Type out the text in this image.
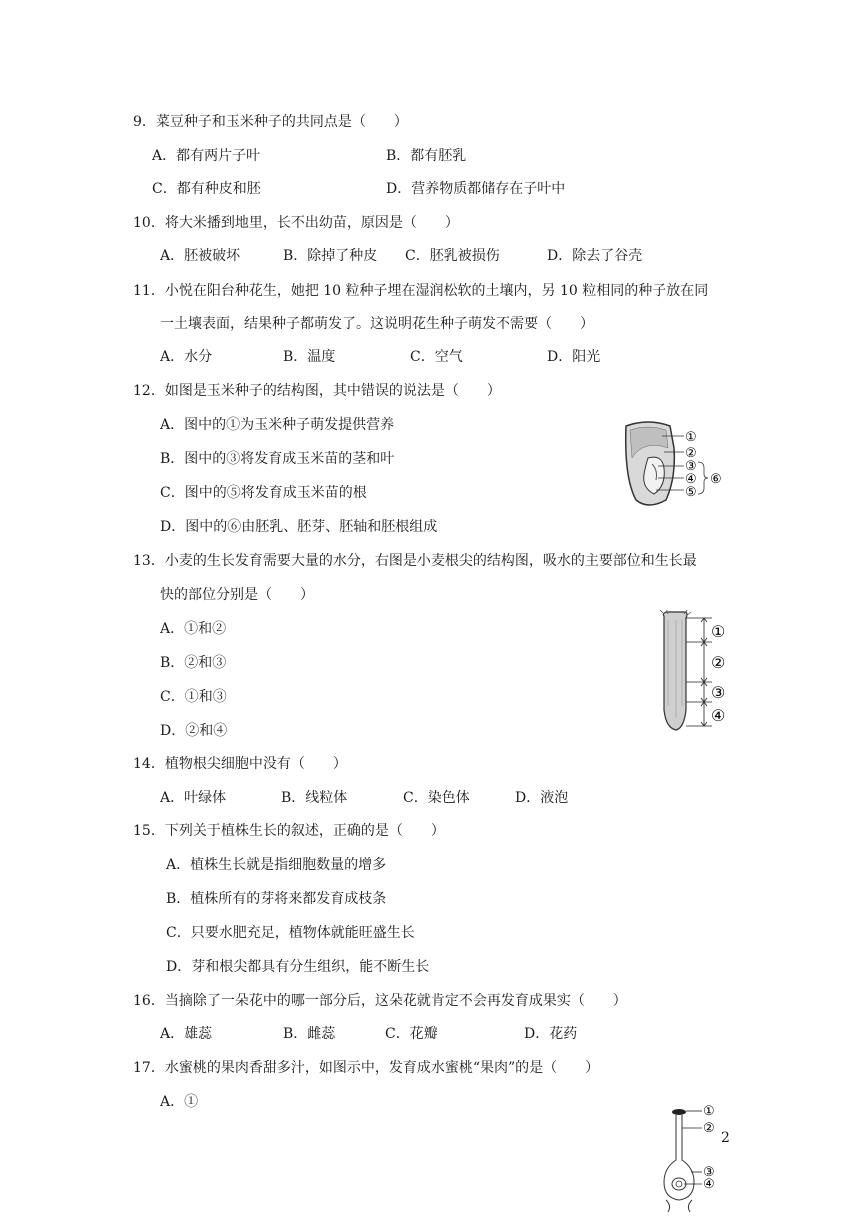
9．菜豆种子和玉米种子的共同点是（　　）
A．都有两片子叶	B．都有胚乳
C．都有种皮和胚	D．营养物质都储存在子叶中
10．将大米播到地里，长不出幼苗，原因是（　　）
A．胚被破坏	B．除掉了种皮 C．胚乳被损伤	D．除去了谷壳
11．小悦在阳台种花生，她把 10 粒种子埋在湿润松软的土壤内，另 10 粒相同的种子放在同
一土壤表面，结果种子都萌发了。这说明花生种子萌发不需要（　　）
A．水分	B．温度	C．空气	D．阳光
12．如图是玉米种子的结构图，其中错误的说法是（　　）
A．图中的①为玉米种子萌发提供营养
B．图中的③将发育成玉米苗的茎和叶
C．图中的⑤将发育成玉米苗的根
D．图中的⑥由胚乳、胚芽、胚轴和胚根组成
①
②
③
④
⑤
⑥
13．小麦的生长发育需要大量的水分，右图是小麦根尖的结构图，吸水的主要部位和生长最
快的部位分别是（　　）
A．①和②
B．②和③
C．①和③
D．②和④
①
②
③
④
14．植物根尖细胞中没有（　　）
A．叶绿体	B．线粒体	C．染色体	D．液泡
15．下列关于植株生长的叙述，正确的是（　　）
A．植株生长就是指细胞数量的增多
B．植株所有的芽将来都发育成枝条
C．只要水肥充足，植物体就能旺盛生长
D．芽和根尖都具有分生组织，能不断生长
16．当摘除了一朵花中的哪一部分后，这朵花就肯定不会再发育成果实（　　）
A．雄蕊	B．雌蕊	C．花瓣	D．花药
17．水蜜桃的果肉香甜多汁，如图示中，发育成水蜜桃“果肉”的是（　　）
A．①
①
②
③
④
2
